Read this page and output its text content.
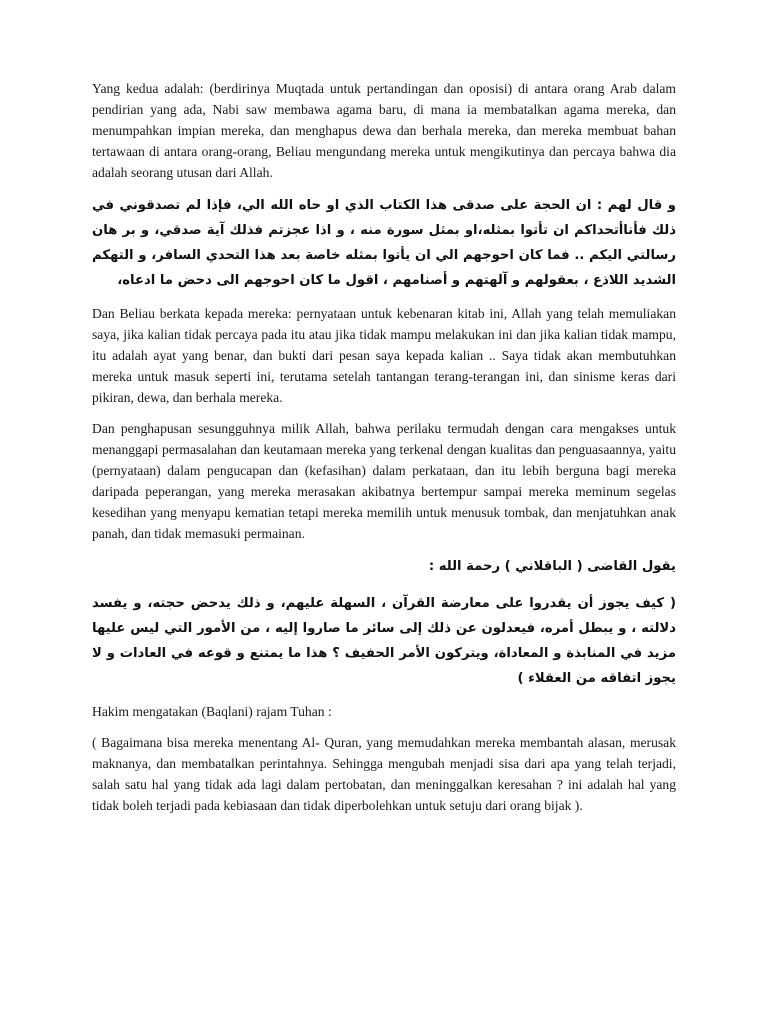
Yang kedua adalah: (berdirinya Muqtada untuk pertandingan dan oposisi) di antara orang Arab dalam pendirian yang ada, Nabi saw membawa agama baru, di mana ia membatalkan agama mereka, dan menumpahkan impian mereka, dan menghapus dewa dan berhala mereka, dan mereka membuat bahan tertawaan di antara orang-orang, Beliau mengundang mereka untuk mengikutinya dan percaya bahwa dia adalah seorang utusan dari Allah.

و قال لهم : ان الحجة على صدقى هذا الكتاب الذي او حاه الله الي، فإذا لم تصدقوني في ذلك فأناأتحداكم ان تأتوا بمثله،او بمثل سورة منه ، و اذا عجزتم فذلك آية صدقي، و بر هان رسالتي اليكم .. فما كان احوجهم الي ان يأتوا بمثله خاصة بعد هذا التحدي السافر، و التهكم الشديد اللاذع ، بعقولهم و آلهتهم و أصنامهم ، اقول ما كان احوجهم الى دحض ما ادعاه،

Dan Beliau berkata kepada mereka: pernyataan untuk kebenaran kitab ini, Allah yang telah memuliakan saya, jika kalian tidak percaya pada itu atau jika tidak mampu melakukan ini dan jika kalian tidak mampu, itu adalah ayat yang benar, dan bukti dari pesan saya kepada kalian .. Saya tidak akan membutuhkan mereka untuk masuk seperti ini, terutama setelah tantangan terang-terangan ini, dan sinisme keras dari pikiran, dewa, dan berhala mereka.

Dan penghapusan sesungguhnya milik Allah, bahwa perilaku termudah dengan cara mengakses untuk menanggapi permasalahan dan keutamaan mereka yang terkenal dengan kualitas dan penguasaannya, yaitu (pernyataan) dalam pengucapan dan (kefasihan) dalam perkataan, dan itu lebih berguna bagi mereka daripada peperangan, yang mereka merasakan akibatnya bertempur sampai mereka meminum segelas kesedihan yang menyapu kematian tetapi mereka memilih untuk menusuk tombak, dan menjatuhkan anak panah, dan tidak memasuki permainan.

يقول القاضى ( الباقلاني ) رحمة الله :

( كيف يجوز أن يقدروا على معارضة القرآن ، السهلة عليهم، و ذلك يدحض حجته، و يفسد دلالته ، و يبطل أمره، فيعدلون عن ذلك إلى سائر ما صاروا إليه ، من الأمور التي ليس عليها مزيد في المنابذة و المعاداة، ويتركون الأمر الحفيف ؟ هذا ما يمتنع و قوعه في العادات و لا يجوز اتفاقه من العقلاء )

Hakim mengatakan (Baqlani) rajam Tuhan :

( Bagaimana bisa mereka menentang Al- Quran, yang memudahkan mereka membantah alasan, merusak maknanya, dan membatalkan perintahnya. Sehingga mengubah menjadi sisa dari apa yang telah terjadi, salah satu hal yang tidak ada lagi dalam pertobatan, dan meninggalkan keresahan ? ini adalah hal yang tidak boleh terjadi pada kebiasaan dan tidak diperbolehkan untuk setuju dari orang bijak ).
